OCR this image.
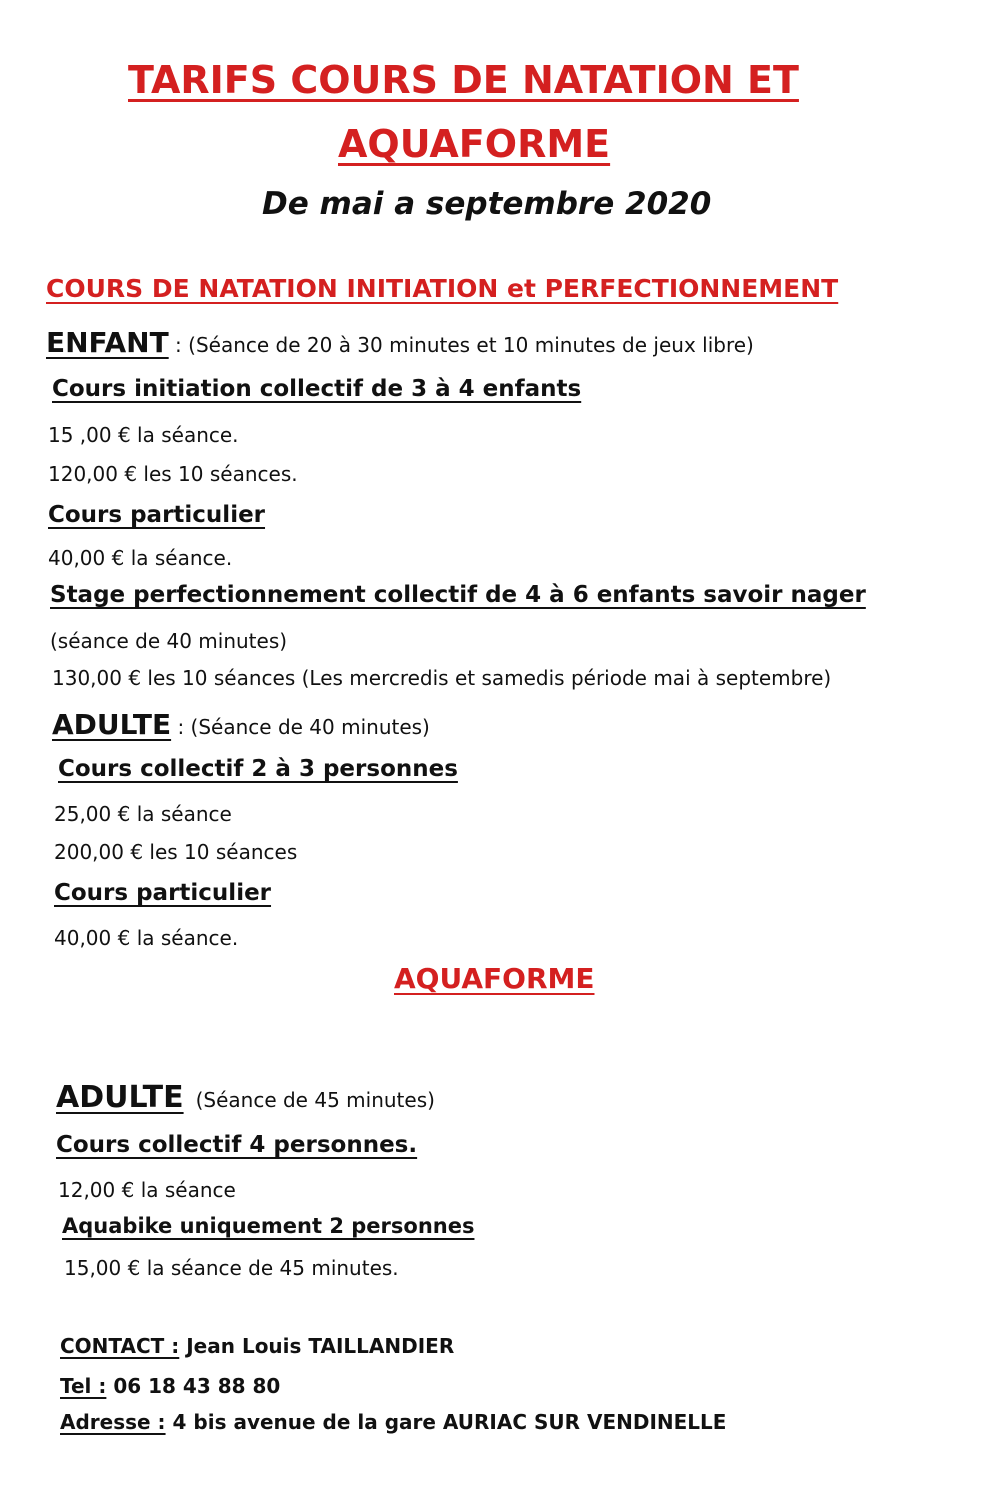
TARIFS COURS DE NATATION ET
AQUAFORME
De mai a septembre 2020
COURS DE NATATION INITIATION et PERFECTIONNEMENT
ENFANT : (Séance de 20 à 30 minutes et 10 minutes de jeux libre)
Cours initiation collectif de 3 à 4 enfants
15 ,00 € la séance.
120,00 € les 10 séances.
Cours particulier
40,00 € la séance.
Stage perfectionnement collectif de 4 à 6 enfants savoir nager
(séance de 40 minutes)
130,00 € les 10 séances (Les mercredis et samedis période mai à septembre)
ADULTE : (Séance de 40 minutes)
Cours collectif 2 à 3 personnes
25,00 € la séance
200,00 € les 10 séances
Cours particulier
40,00 € la séance.
AQUAFORME
ADULTE (Séance de 45 minutes)
Cours collectif 4 personnes.
12,00 € la séance
Aquabike uniquement 2 personnes
15,00 € la séance de 45 minutes.
CONTACT : Jean Louis TAILLANDIER
Tel : 06 18 43 88 80
Adresse : 4 bis avenue de la gare AURIAC SUR VENDINELLE
